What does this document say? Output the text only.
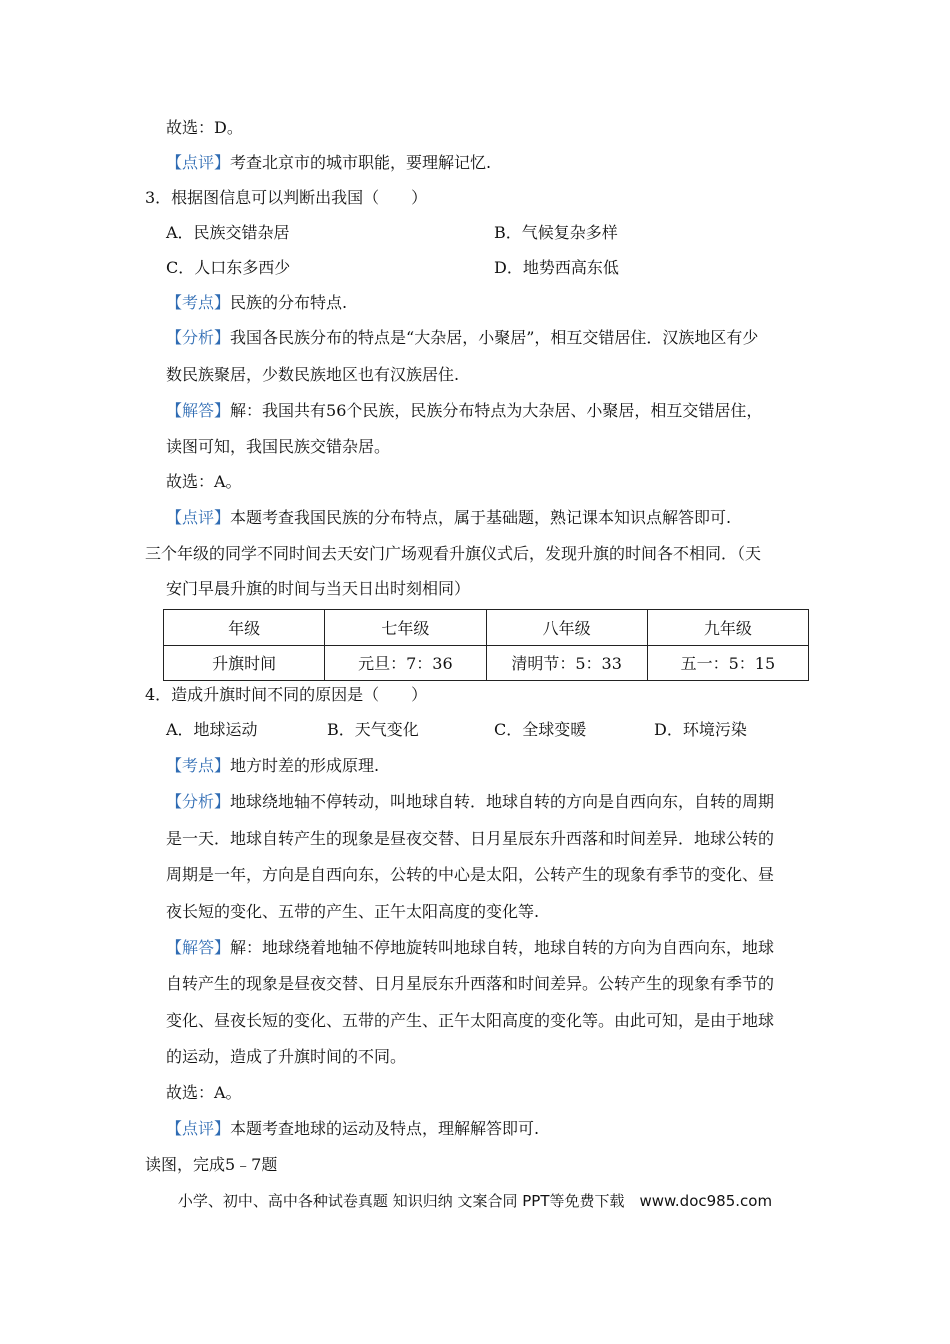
故选：D。
【点评】考查北京市的城市职能，要理解记忆.
3．根据图信息可以判断出我国（　　）
A．民族交错杂居	B．气候复杂多样
C．人口东多西少	D．地势西高东低
【考点】民族的分布特点.
【分析】我国各民族分布的特点是“大杂居，小聚居”，相互交错居住．汉族地区有少
数民族聚居，少数民族地区也有汉族居住.
【解答】解：我国共有56个民族，民族分布特点为大杂居、小聚居，相互交错居住，
读图可知，我国民族交错杂居。
故选：A。
【点评】本题考查我国民族的分布特点，属于基础题，熟记课本知识点解答即可.
三个年级的同学不同时间去天安门广场观看升旗仪式后，发现升旗的时间各不相同．（天
安门早晨升旗的时间与当天日出时刻相同）
年级	七年级	八年级	九年级
升旗时间	元旦：7：36	清明节：5：33	五一：5：15
4．造成升旗时间不同的原因是（　　）
A．地球运动	B．天气变化	C．全球变暖	D．环境污染
【考点】地方时差的形成原理.
【分析】地球绕地轴不停转动，叫地球自转．地球自转的方向是自西向东，自转的周期
是一天．地球自转产生的现象是昼夜交替、日月星辰东升西落和时间差异．地球公转的
周期是一年，方向是自西向东，公转的中心是太阳，公转产生的现象有季节的变化、昼
夜长短的变化、五带的产生、正午太阳高度的变化等.
【解答】解：地球绕着地轴不停地旋转叫地球自转，地球自转的方向为自西向东，地球
自转产生的现象是昼夜交替、日月星辰东升西落和时间差异。公转产生的现象有季节的
变化、昼夜长短的变化、五带的产生、正午太阳高度的变化等。由此可知，是由于地球
的运动，造成了升旗时间的不同。
故选：A。
【点评】本题考查地球的运动及特点，理解解答即可.
读图，完成5﹣7题
小学、初中、高中各种试卷真题 知识归纳 文案合同 PPT等免费下载　www.doc985.com
